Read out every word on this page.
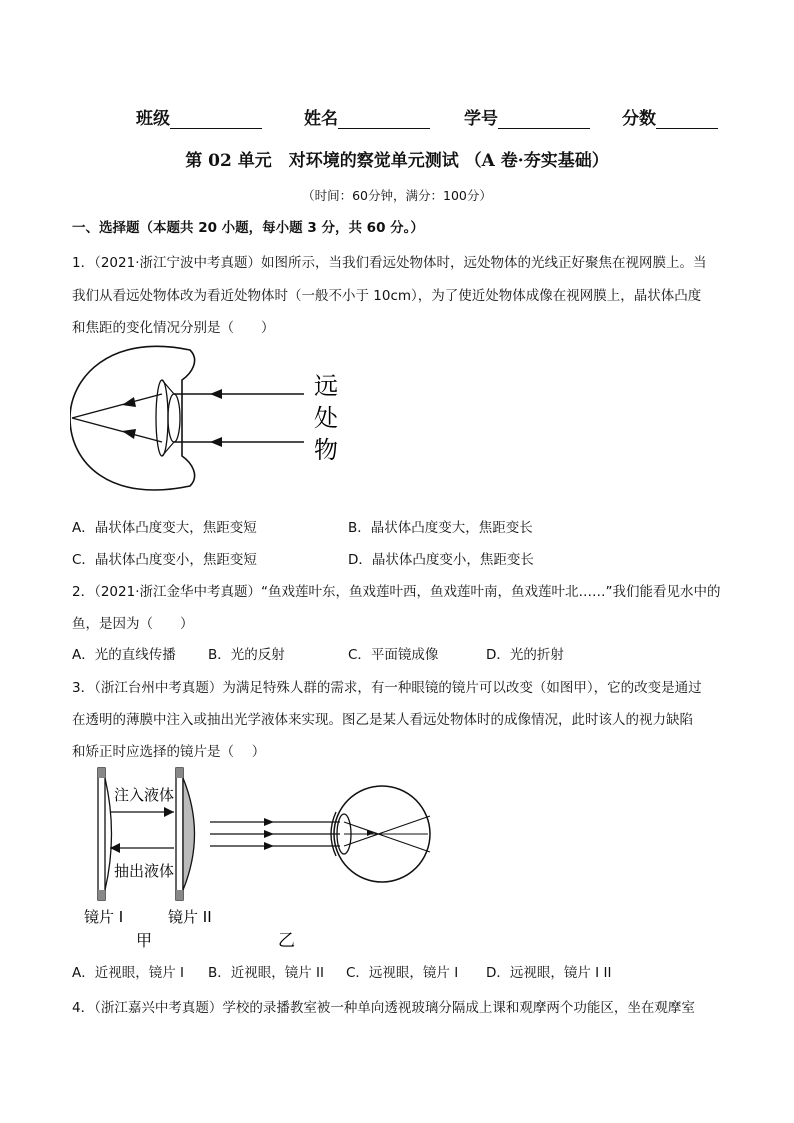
班级	姓名	学号	分数
第 02 单元　对环境的察觉单元测试 （A 卷·夯实基础）
（时间：60分钟，满分：100分）
一、选择题（本题共 20 小题，每小题 3 分，共 60 分。）
1．（2021·浙江宁波中考真题）如图所示，当我们看远处物体时，远处物体的光线正好聚焦在视网膜上。当
我们从看远处物体改为看近处物体时（一般不小于 10cm），为了使近处物体成像在视网膜上，晶状体凸度
和焦距的变化情况分别是（　　）
远
处
物
A．晶状体凸度变大，焦距变短	B．晶状体凸度变大，焦距变长
C．晶状体凸度变小，焦距变短	D．晶状体凸度变小，焦距变长
2．（2021·浙江金华中考真题）“鱼戏莲叶东，鱼戏莲叶西，鱼戏莲叶南，鱼戏莲叶北……”我们能看见水中的
鱼，是因为（　　）
A．光的直线传播 B．光的反射	C．平面镜成像	D．光的折射
3．（浙江台州中考真题）为满足特殊人群的需求，有一种眼镜的镜片可以改变（如图甲），它的改变是通过
在透明的薄膜中注入或抽出光学液体来实现。图乙是某人看远处物体时的成像情况，此时该人的视力缺陷
和矫正时应选择的镜片是（　 ）
注入液体
抽出液体
镜片 I	镜片 II
甲	乙
A．近视眼，镜片 I B．近视眼，镜片 II C．远视眼，镜片 I D．远视眼，镜片 I II
4．（浙江嘉兴中考真题）学校的录播教室被一种单向透视玻璃分隔成上课和观摩两个功能区，坐在观摩室
